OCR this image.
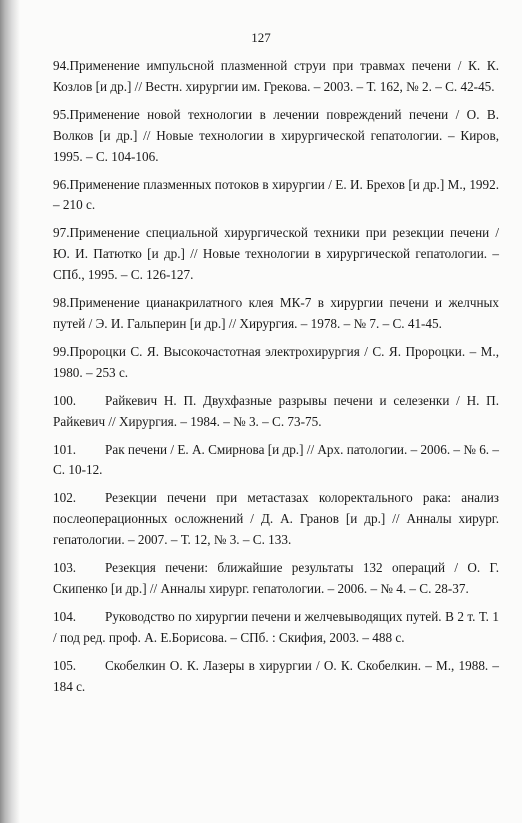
127
94.Применение импульсной плазменной струи при травмах печени / К. К. Козлов [и др.] // Вестн. хирургии им. Грекова. – 2003. – Т. 162, № 2. – С. 42-45.
95.Применение новой технологии в лечении повреждений печени / О. В. Волков [и др.] // Новые технологии в хирургической гепатологии. – Киров, 1995. – С. 104-106.
96.Применение плазменных потоков в хирургии / Е. И. Брехов [и др.] М., 1992. – 210 с.
97.Применение специальной хирургической техники при резекции печени / Ю. И. Патютко [и др.] // Новые технологии в хирургической гепатологии. – СПб., 1995. – С. 126-127.
98.Применение цианакрилатного клея МК-7 в хирургии печени и желчных путей / Э. И. Гальперин [и др.] // Хирургия. – 1978. – № 7. – С. 41-45.
99.Пророцки С. Я. Высокочастотная электрохирургия / С. Я. Пророцки. – М., 1980. – 253 с.
100. Райкевич Н. П. Двухфазные разрывы печени и селезенки / Н. П. Райкевич // Хирургия. – 1984. – № 3. – С. 73-75.
101. Рак печени / Е. А. Смирнова [и др.] // Арх. патологии. – 2006. – № 6. – С. 10-12.
102. Резекции печени при метастазах колоректального рака: анализ послеоперационных осложнений / Д. А. Гранов [и др.] // Анналы хирург. гепатологии. – 2007. – Т. 12, № 3. – С. 133.
103. Резекция печени: ближайшие результаты 132 операций / О. Г. Скипенко [и др.] // Анналы хирург. гепатологии. – 2006. – № 4. – С. 28-37.
104. Руководство по хирургии печени и желчевыводящих путей. В 2 т. Т. 1 / под ред. проф. А. Е.Борисова. – СПб. : Скифия, 2003. – 488 с.
105. Скобелкин О. К. Лазеры в хирургии / О. К. Скобелкин. – М., 1988. – 184 с.
